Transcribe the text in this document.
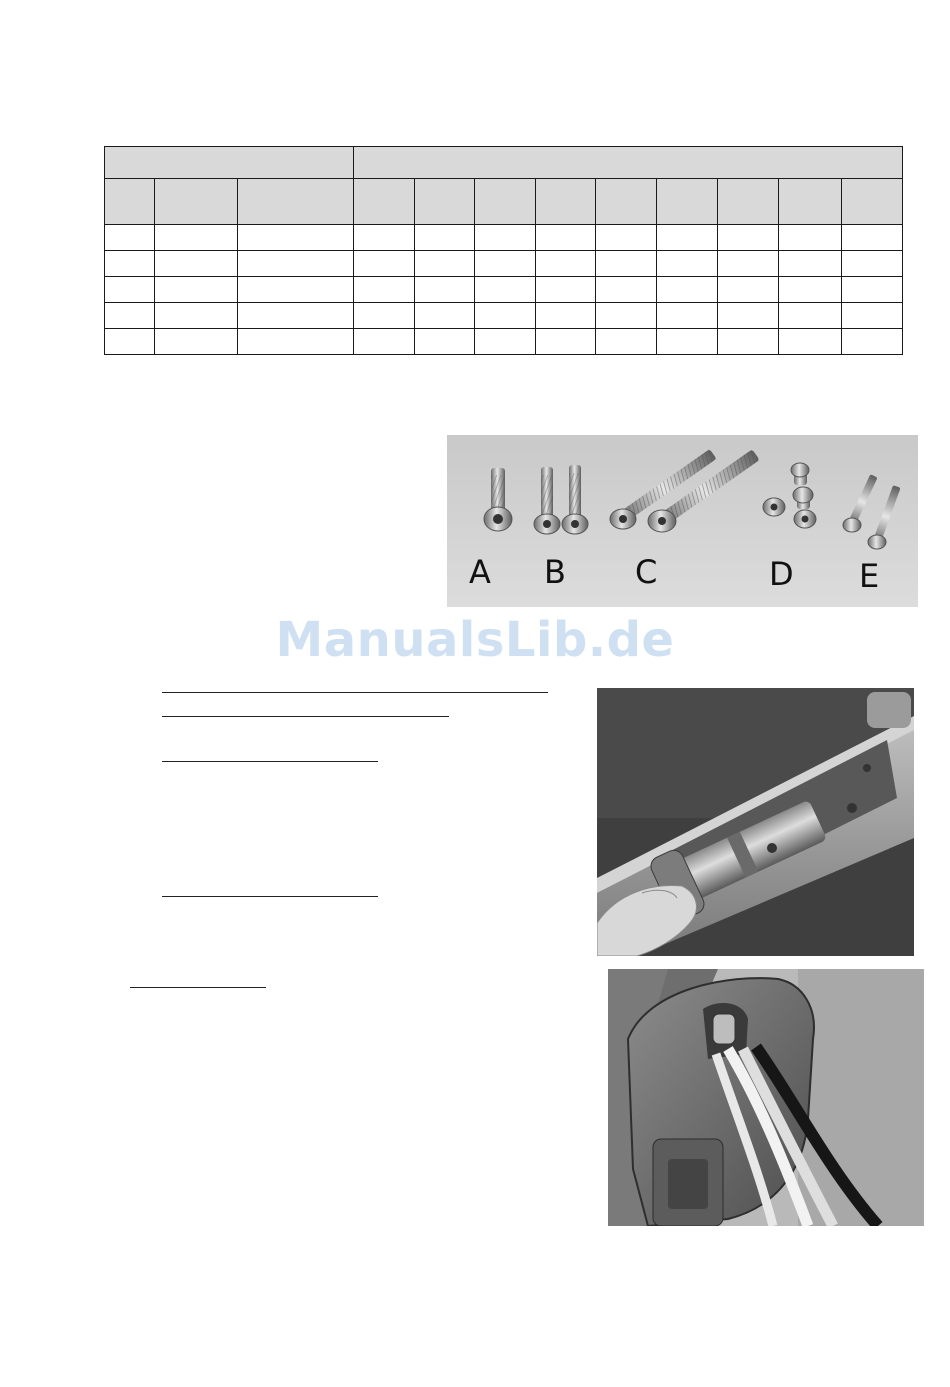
A B C	D E
ManualsLib.de
